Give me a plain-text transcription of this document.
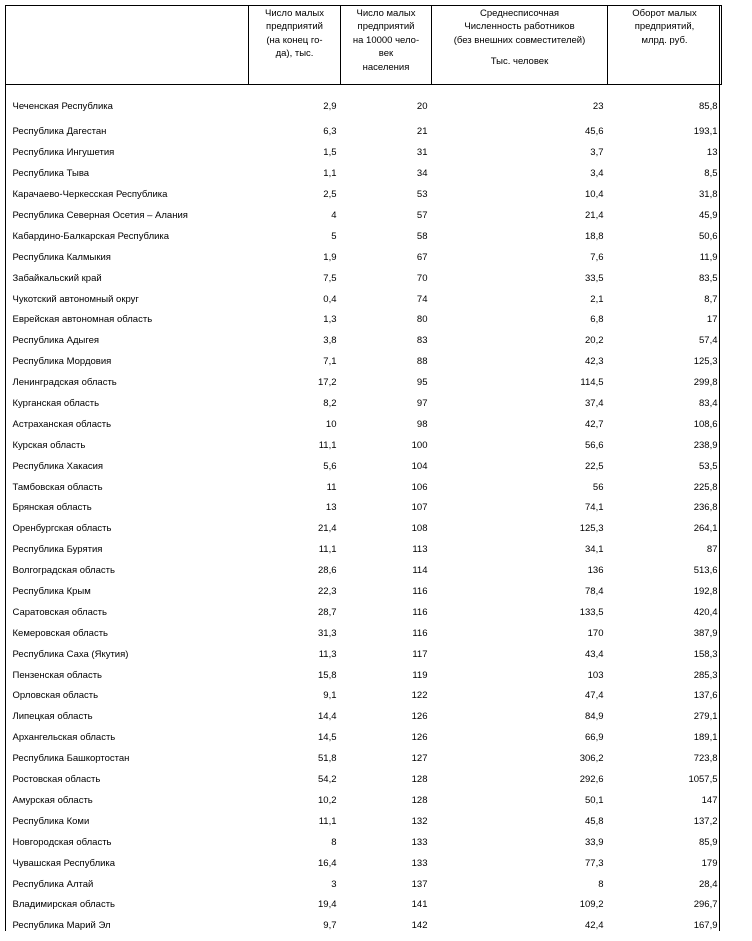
	Число малых
предприятий
(на конец го-
да), тыс.	Число малых
предприятий
на 10000 чело-
век
населения	Среднесписочная
Численность работников
(без внешних совместителей)
Тыс. человек	Оборот малых
предприятий,
млрд. руб.

Чеченская Республика	2,9	20	23	85,8
Республика Дагестан	6,3	21	45,6	193,1
Республика Ингушетия	1,5	31	3,7	13
Республика Тыва	1,1	34	3,4	8,5
Карачаево-Черкесская Республика	2,5	53	10,4	31,8
Республика Северная Осетия – Алания	4	57	21,4	45,9
Кабардино-Балкарская Республика	5	58	18,8	50,6
Республика Калмыкия	1,9	67	7,6	11,9
Забайкальский край	7,5	70	33,5	83,5
Чукотский автономный округ	0,4	74	2,1	8,7
Еврейская автономная область	1,3	80	6,8	17
Республика Адыгея	3,8	83	20,2	57,4
Республика Мордовия	7,1	88	42,3	125,3
Ленинградская область	17,2	95	114,5	299,8
Курганская область	8,2	97	37,4	83,4
Астраханская область	10	98	42,7	108,6
Курская область	11,1	100	56,6	238,9
Республика Хакасия	5,6	104	22,5	53,5
Тамбовская область	11	106	56	225,8
Брянская область	13	107	74,1	236,8
Оренбургская область	21,4	108	125,3	264,1
Республика Бурятия	11,1	113	34,1	87
Волгоградская область	28,6	114	136	513,6
Республика Крым	22,3	116	78,4	192,8
Саратовская область	28,7	116	133,5	420,4
Кемеровская область	31,3	116	170	387,9
Республика Саха (Якутия)	11,3	117	43,4	158,3
Пензенская область	15,8	119	103	285,3
Орловская область	9,1	122	47,4	137,6
Липецкая область	14,4	126	84,9	279,1
Архангельская область	14,5	126	66,9	189,1
Республика Башкортостан	51,8	127	306,2	723,8
Ростовская область	54,2	128	292,6	1057,5
Амурская область	10,2	128	50,1	147
Республика Коми	11,1	132	45,8	137,2
Новгородская область	8	133	33,9	85,9
Чувашская Республика	16,4	133	77,3	179
Республика Алтай	3	137	8	28,4
Владимирская область	19,4	141	109,2	296,7
Республика Марий Эл	9,7	142	42,4	167,9
